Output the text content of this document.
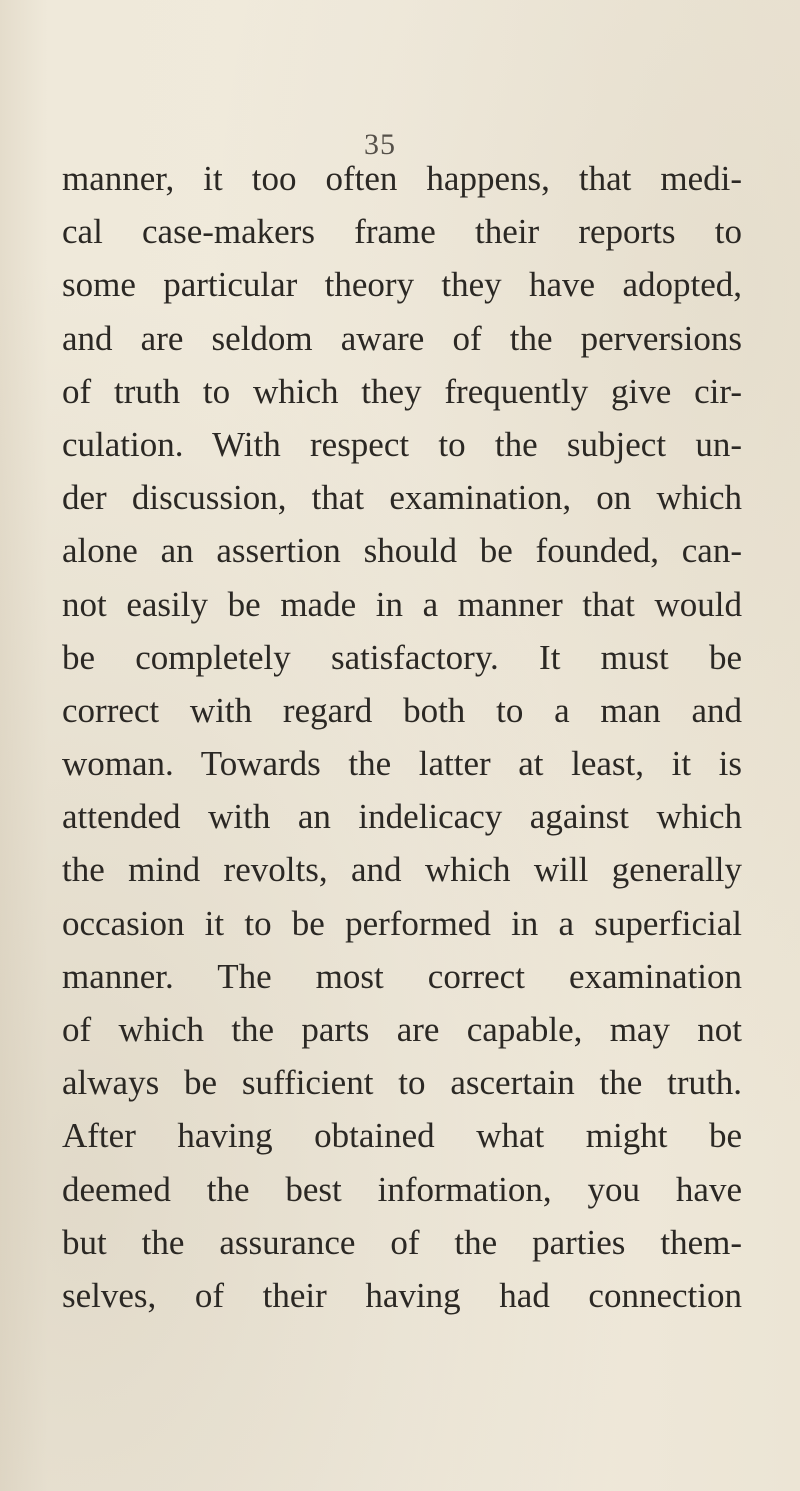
35
manner, it too often happens, that medi-
cal case-makers frame their reports to
some particular theory they have adopted,
and are seldom aware of the perversions
of truth to which they frequently give cir-
culation. With respect to the subject un-
der discussion, that examination, on which
alone an assertion should be founded, can-
not easily be made in a manner that would
be completely satisfactory. It must be
correct with regard both to a man and
woman. Towards the latter at least, it is
attended with an indelicacy against which
the mind revolts, and which will generally
occasion it to be performed in a superficial
manner. The most correct examination
of which the parts are capable, may not
always be sufficient to ascertain the truth.
After having obtained what might be
deemed the best information, you have
but the assurance of the parties them-
selves, of their having had connection
